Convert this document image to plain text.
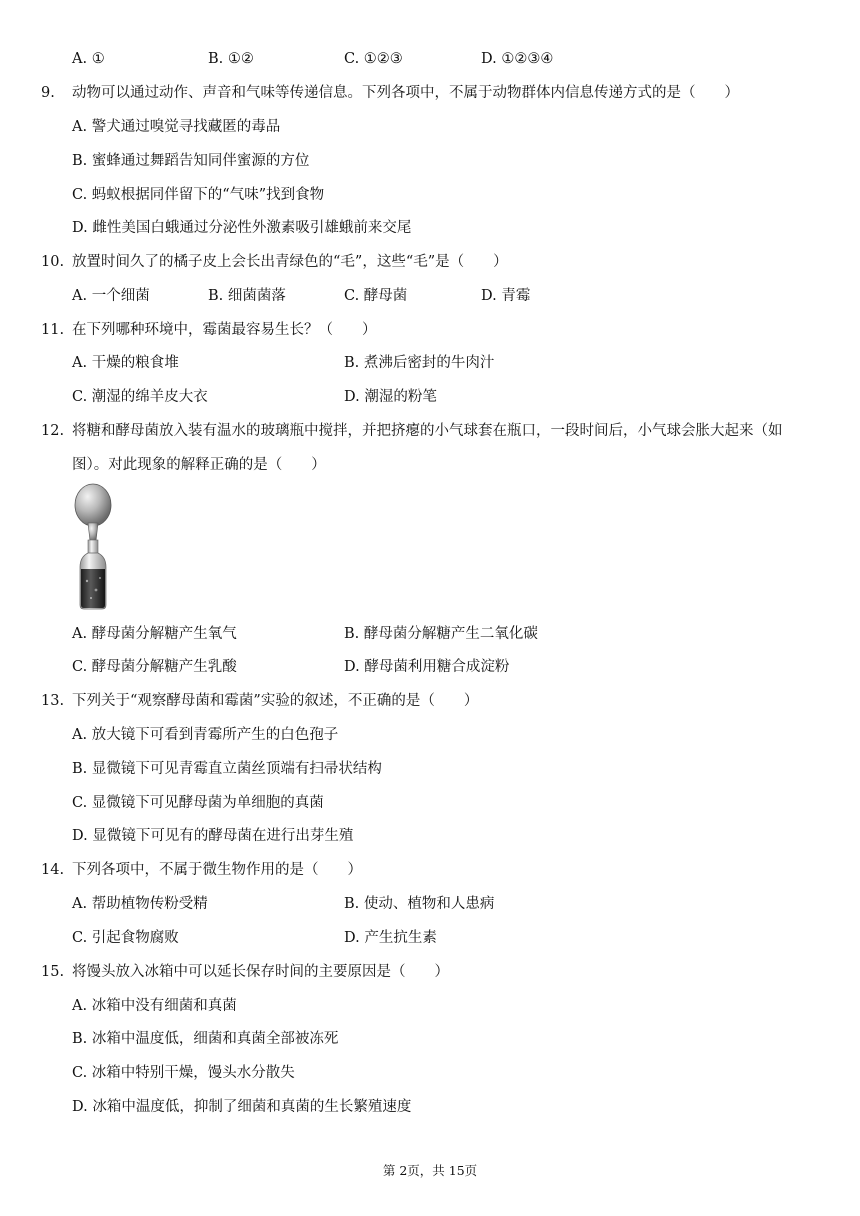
A. ①	B. ①②	C. ①②③	D. ①②③④
9. 动物可以通过动作、声音和气味等传递信息。下列各项中，不属于动物群体内信息传递方式的是（　　）
A. 警犬通过嗅觉寻找藏匿的毒品
B. 蜜蜂通过舞蹈告知同伴蜜源的方位
C. 蚂蚁根据同伴留下的“气味”找到食物
D. 雌性美国白蛾通过分泌性外激素吸引雄蛾前来交尾
10. 放置时间久了的橘子皮上会长出青绿色的“毛”，这些“毛”是（　　）
A. 一个细菌	B. 细菌菌落	C. 酵母菌	D. 青霉
11. 在下列哪种环境中，霉菌最容易生长？（　　）
A. 干燥的粮食堆	B. 煮沸后密封的牛肉汁
C. 潮湿的绵羊皮大衣	D. 潮湿的粉笔
12. 将糖和酵母菌放入装有温水的玻璃瓶中搅拌，并把挤瘪的小气球套在瓶口，一段时间后，小气球会胀大起来（如
图）。对此现象的解释正确的是（　　）
A. 酵母菌分解糖产生氧气	B. 酵母菌分解糖产生二氧化碳
C. 酵母菌分解糖产生乳酸	D. 酵母菌利用糖合成淀粉
13. 下列关于“观察酵母菌和霉菌”实验的叙述，不正确的是（　　）
A. 放大镜下可看到青霉所产生的白色孢子
B. 显微镜下可见青霉直立菌丝顶端有扫帚状结构
C. 显微镜下可见酵母菌为单细胞的真菌
D. 显微镜下可见有的酵母菌在进行出芽生殖
14. 下列各项中，不属于微生物作用的是（　　）
A. 帮助植物传粉受精	B. 使动、植物和人患病
C. 引起食物腐败	D. 产生抗生素
15. 将馒头放入冰箱中可以延长保存时间的主要原因是（　　）
A. 冰箱中没有细菌和真菌
B. 冰箱中温度低，细菌和真菌全部被冻死
C. 冰箱中特别干燥，馒头水分散失
D. 冰箱中温度低，抑制了细菌和真菌的生长繁殖速度
第 2页，共 15页
